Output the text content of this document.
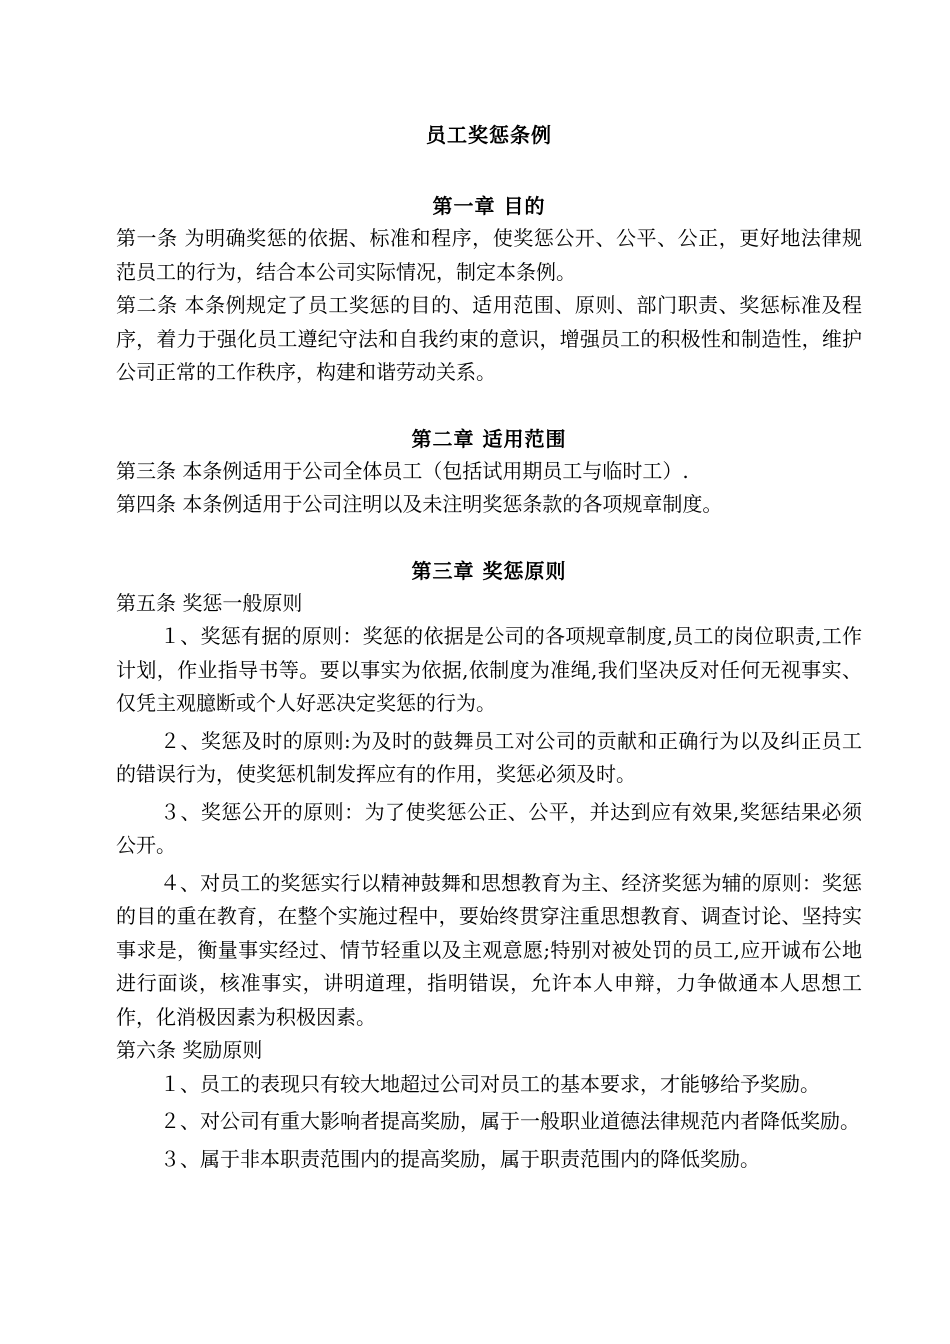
员工奖惩条例
第一章 目的

第一条 为明确奖惩的依据、标准和程序，使奖惩公开、公平、公正，更好地法律规范员工的行为，结合本公司实际情况，制定本条例。

第二条 本条例规定了员工奖惩的目的、适用范围、原则、部门职责、奖惩标准及程序，着力于强化员工遵纪守法和自我约束的意识，增强员工的积极性和制造性，维护公司正常的工作秩序，构建和谐劳动关系。

第二章 适用范围

第三条 本条例适用于公司全体员工（包括试用期员工与临时工）.

第四条 本条例适用于公司注明以及未注明奖惩条款的各项规章制度。

第三章 奖惩原则

第五条 奖惩一般原则

１、奖惩有据的原则：奖惩的依据是公司的各项规章制度,员工的岗位职责,工作计划，作业指导书等。要以事实为依据,依制度为准绳,我们坚决反对任何无视事实、仅凭主观臆断或个人好恶决定奖惩的行为。

２、奖惩及时的原则:为及时的鼓舞员工对公司的贡献和正确行为以及纠正员工的错误行为，使奖惩机制发挥应有的作用，奖惩必须及时。

３、奖惩公开的原则：为了使奖惩公正、公平，并达到应有效果,奖惩结果必须公开。

４、对员工的奖惩实行以精神鼓舞和思想教育为主、经济奖惩为辅的原则：奖惩的目的重在教育，在整个实施过程中，要始终贯穿注重思想教育、调查讨论、坚持实事求是，衡量事实经过、情节轻重以及主观意愿;特别对被处罚的员工,应开诚布公地进行面谈，核准事实，讲明道理，指明错误，允许本人申辩，力争做通本人思想工作，化消极因素为积极因素。

第六条 奖励原则

１、员工的表现只有较大地超过公司对员工的基本要求，才能够给予奖励。

２、对公司有重大影响者提高奖励，属于一般职业道德法律规范内者降低奖励。

３、属于非本职责范围内的提高奖励，属于职责范围内的降低奖励。
